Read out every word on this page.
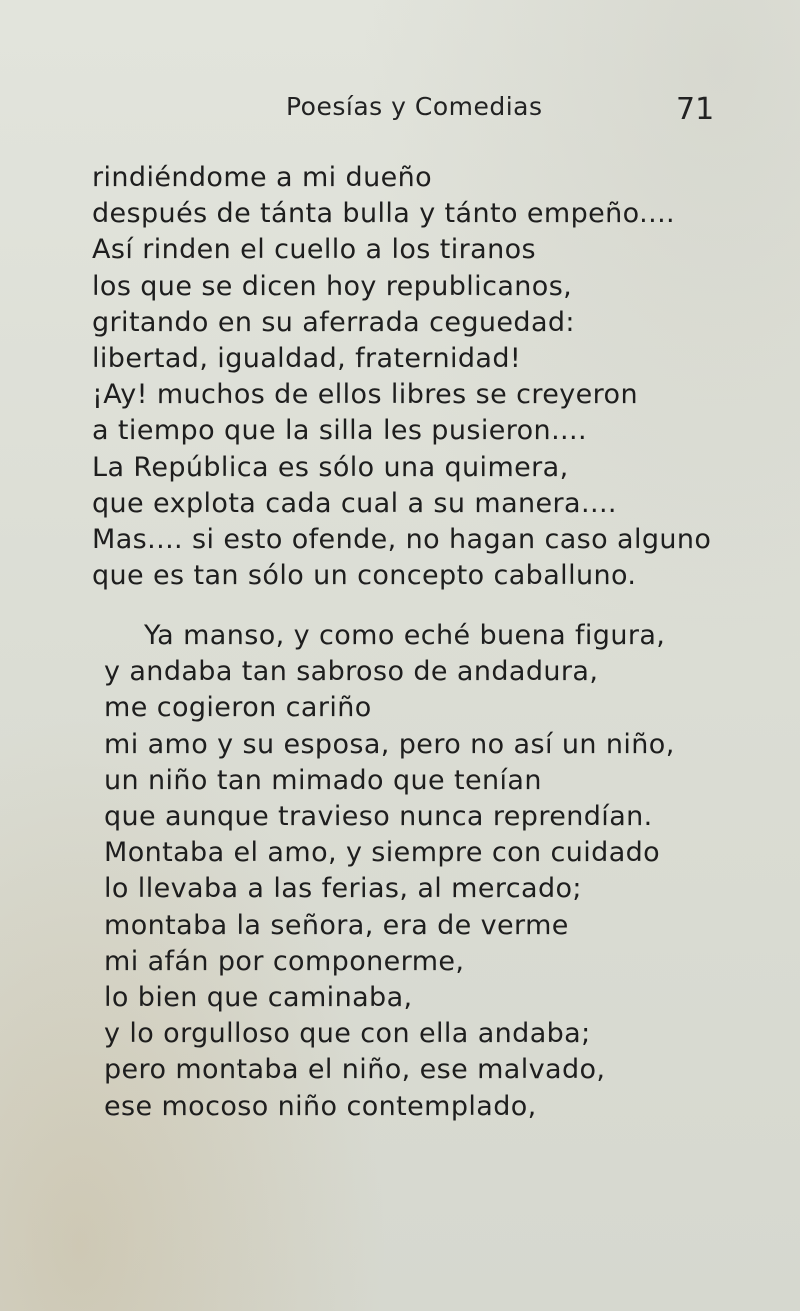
Poesías y Comedias	71
rindiéndome a mi dueño
después de tánta bulla y tánto empeño....
Así rinden el cuello a los tiranos
los que se dicen hoy republicanos,
gritando en su aferrada ceguedad:
libertad, igualdad, fraternidad!
¡Ay! muchos de ellos libres se creyeron
a tiempo que la silla les pusieron....
La República es sólo una quimera,
que explota cada cual a su manera....
Mas.... si esto ofende, no hagan caso alguno
que es tan sólo un concepto caballuno.
Ya manso, y como eché buena figura,
y andaba tan sabroso de andadura,
me cogieron cariño
mi amo y su esposa, pero no así un niño,
un niño tan mimado que tenían
que aunque travieso nunca reprendían.
Montaba el amo, y siempre con cuidado
lo llevaba a las ferias, al mercado;
montaba la señora, era de verme
mi afán por componerme,
lo bien que caminaba,
y lo orgulloso que con ella andaba;
pero montaba el niño, ese malvado,
ese mocoso niño contemplado,
